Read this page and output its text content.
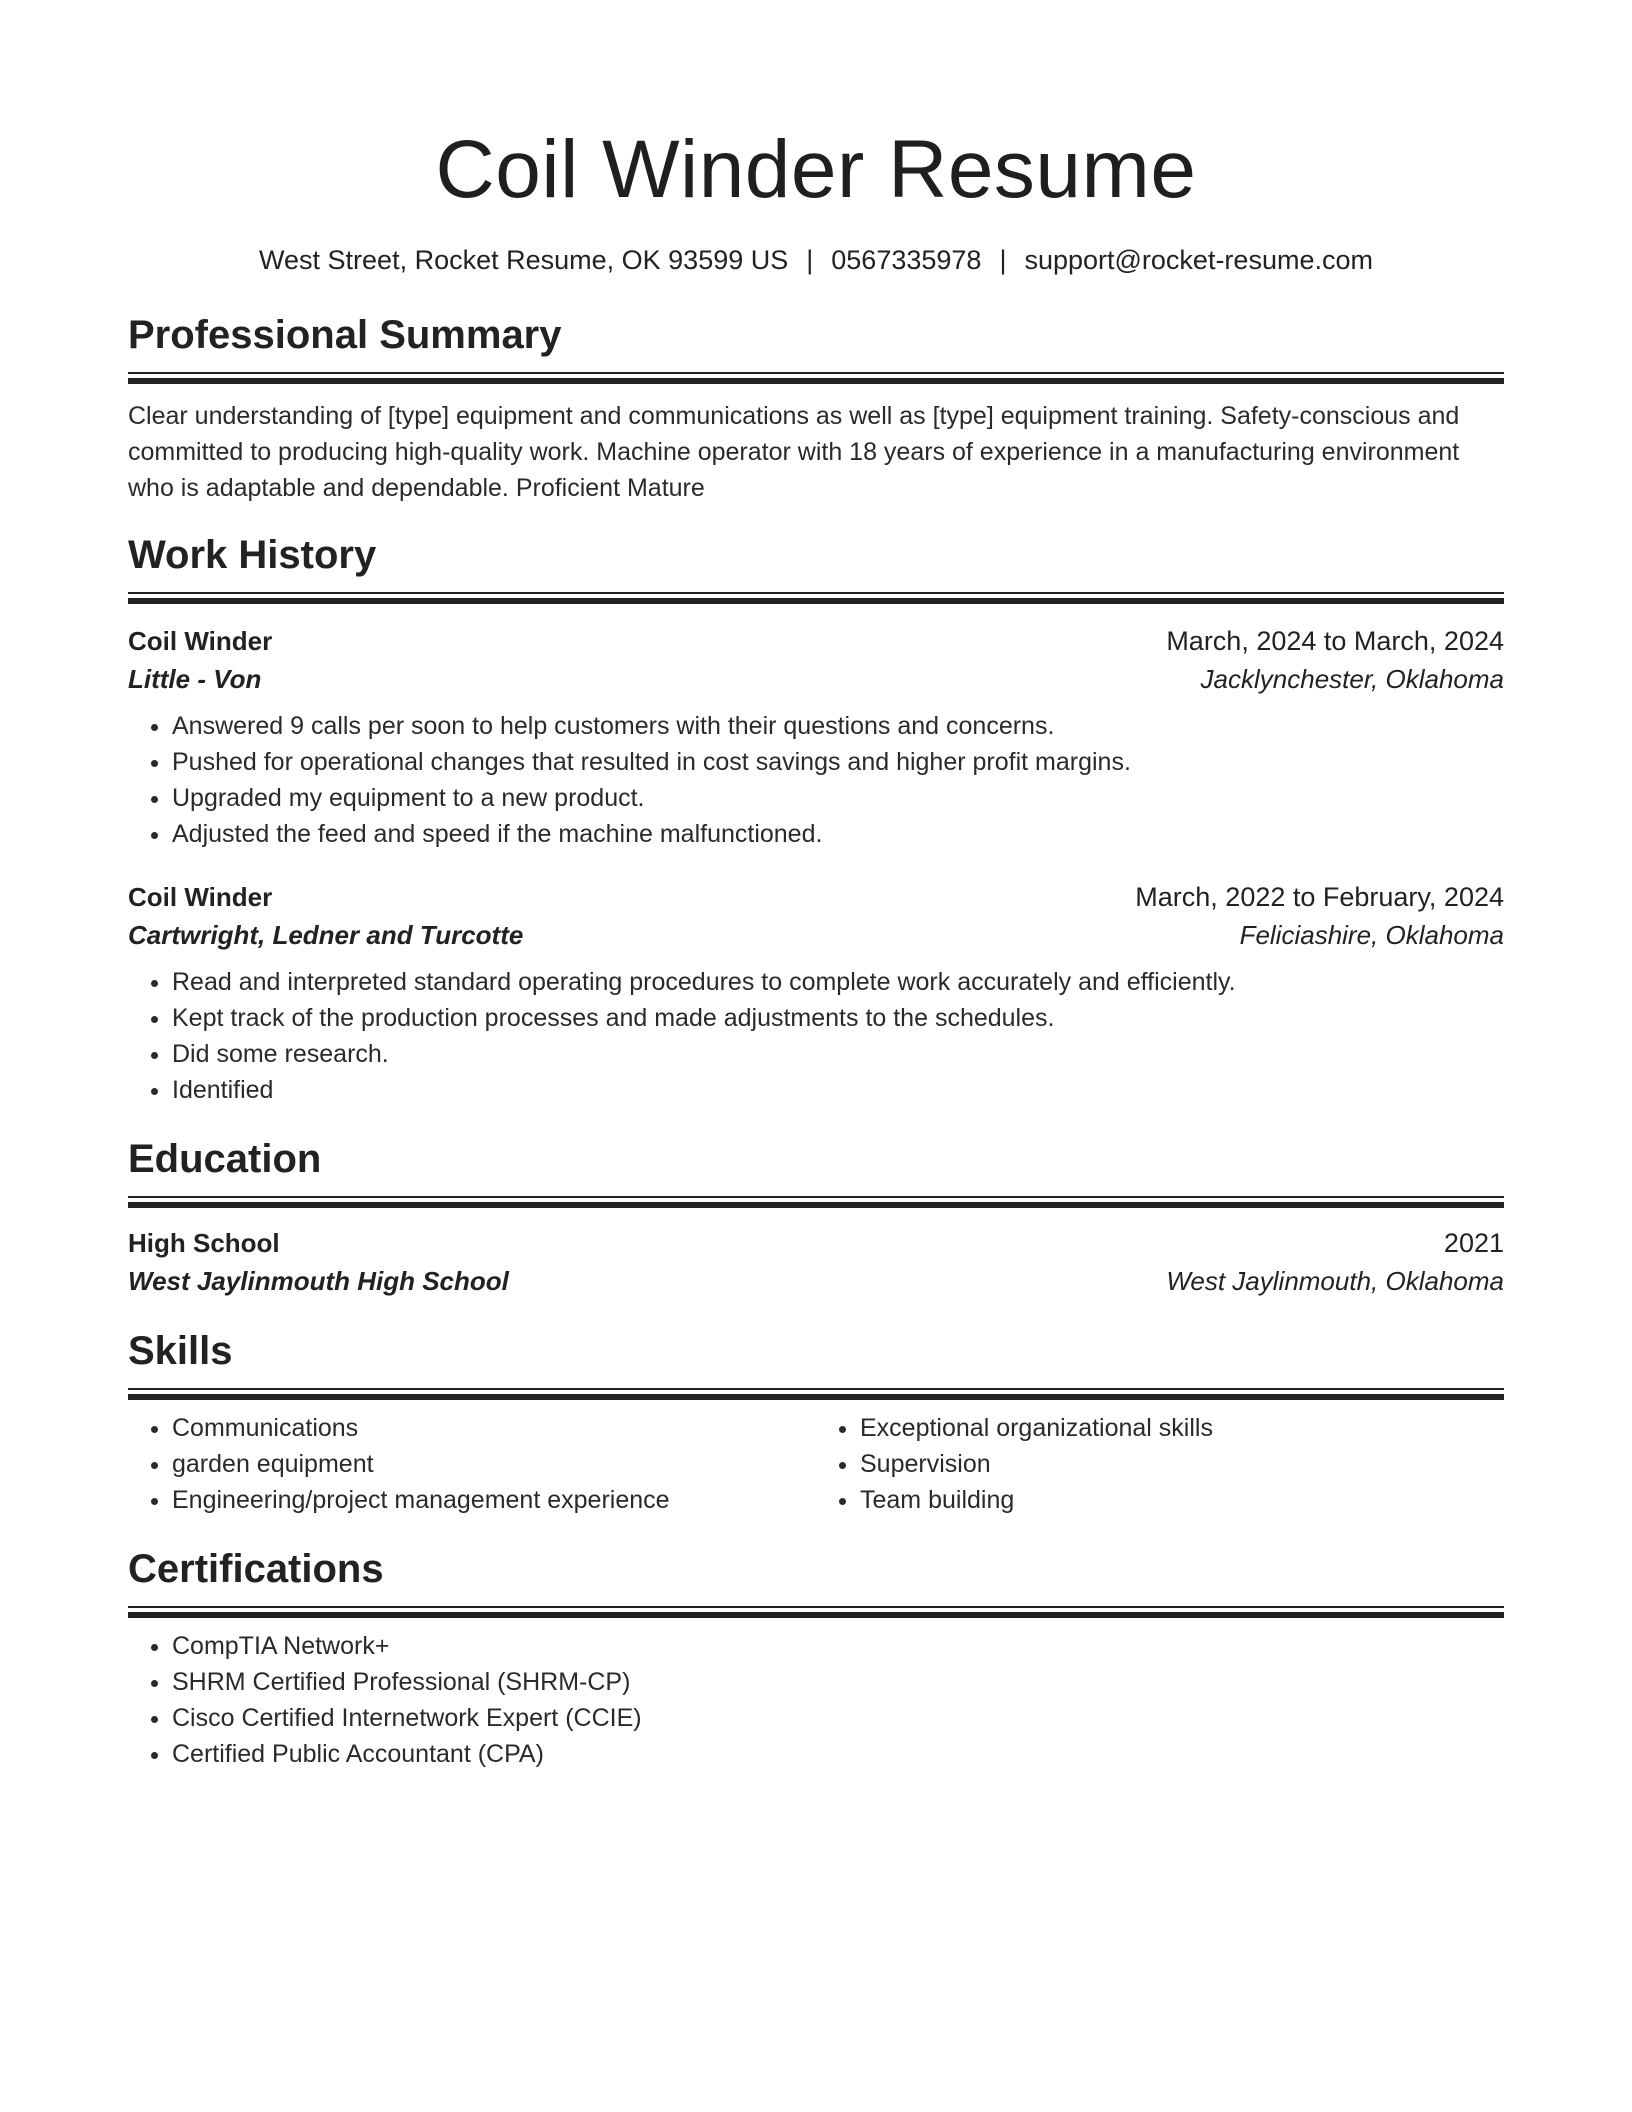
Coil Winder Resume
West Street, Rocket Resume, OK 93599 US | 0567335978 | support@rocket-resume.com
Professional Summary
Clear understanding of [type] equipment and communications as well as [type] equipment training. Safety-conscious and committed to producing high-quality work. Machine operator with 18 years of experience in a manufacturing environment who is adaptable and dependable. Proficient Mature
Work History
Coil Winder	March, 2024 to March, 2024
Little - Von	Jacklynchester, Oklahoma
• Answered 9 calls per soon to help customers with their questions and concerns.
• Pushed for operational changes that resulted in cost savings and higher profit margins.
• Upgraded my equipment to a new product.
• Adjusted the feed and speed if the machine malfunctioned.
Coil Winder	March, 2022 to February, 2024
Cartwright, Ledner and Turcotte	Feliciashire, Oklahoma
• Read and interpreted standard operating procedures to complete work accurately and efficiently.
• Kept track of the production processes and made adjustments to the schedules.
• Did some research.
• Identified
Education
High School	2021
West Jaylinmouth High School	West Jaylinmouth, Oklahoma
Skills
• Communications
• garden equipment
• Engineering/project management experience
• Exceptional organizational skills
• Supervision
• Team building
Certifications
• CompTIA Network+
• SHRM Certified Professional (SHRM-CP)
• Cisco Certified Internetwork Expert (CCIE)
• Certified Public Accountant (CPA)
